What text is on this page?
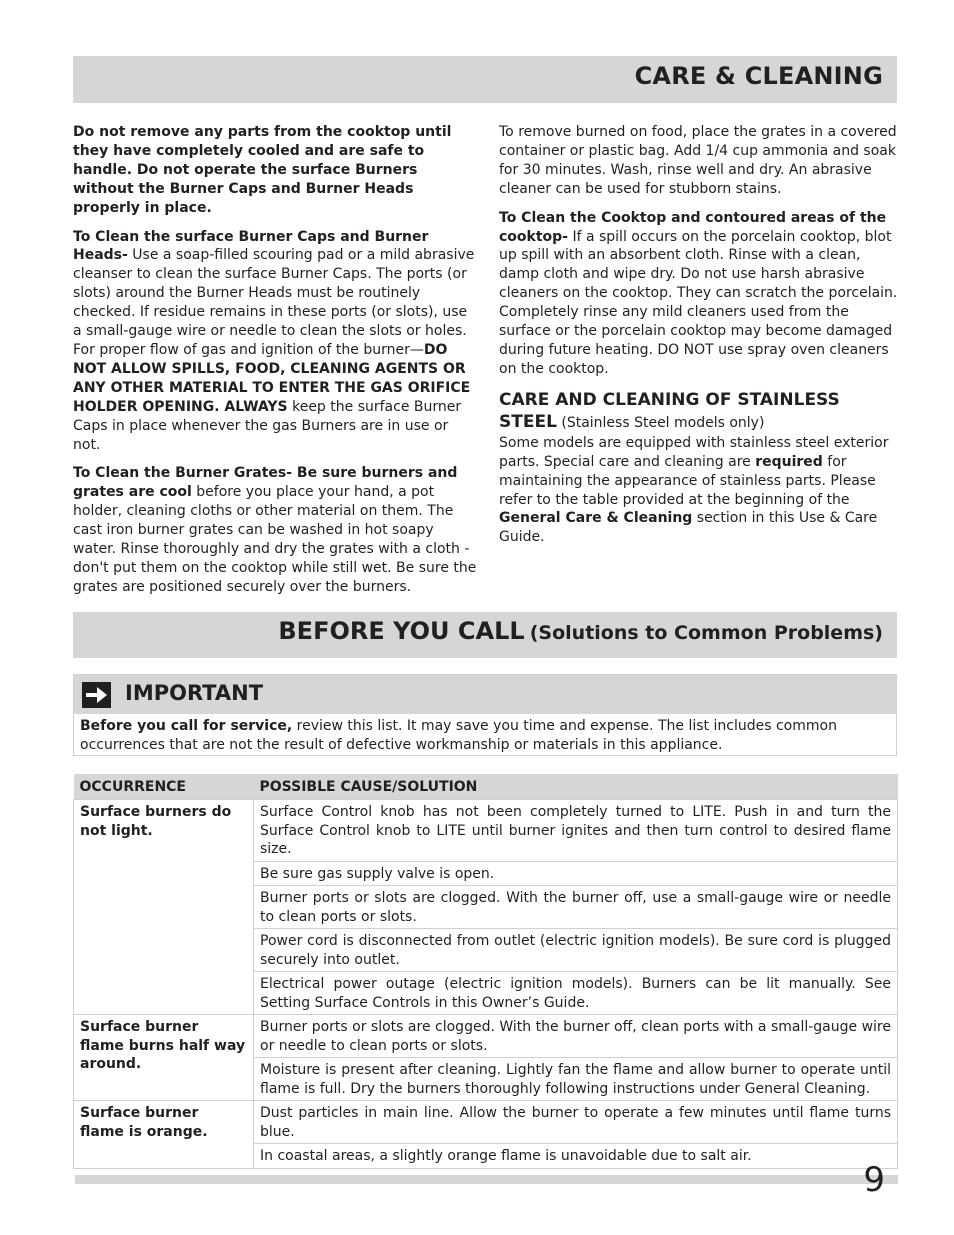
CARE & CLEANING

Do not remove any parts from the cooktop until they have completely cooled and are safe to handle. Do not operate the surface Burners without the Burner Caps and Burner Heads properly in place.

To Clean the surface Burner Caps and Burner Heads- Use a soap-filled scouring pad or a mild abrasive cleanser to clean the surface Burner Caps. The ports (or slots) around the Burner Heads must be routinely checked. If residue remains in these ports (or slots), use a small-gauge wire or needle to clean the slots or holes. For proper flow of gas and ignition of the burner—DO NOT ALLOW SPILLS, FOOD, CLEANING AGENTS OR ANY OTHER MATERIAL TO ENTER THE GAS ORIFICE HOLDER OPENING. ALWAYS keep the surface Burner Caps in place whenever the gas Burners are in use or not.

To Clean the Burner Grates- Be sure burners and grates are cool before you place your hand, a pot holder, cleaning cloths or other material on them. The cast iron burner grates can be washed in hot soapy water. Rinse thoroughly and dry the grates with a cloth - don't put them on the cooktop while still wet. Be sure the grates are positioned securely over the burners.

To remove burned on food, place the grates in a covered container or plastic bag. Add 1/4 cup ammonia and soak for 30 minutes. Wash, rinse well and dry. An abrasive cleaner can be used for stubborn stains.

To Clean the Cooktop and contoured areas of the cooktop- If a spill occurs on the porcelain cooktop, blot up spill with an absorbent cloth. Rinse with a clean, damp cloth and wipe dry. Do not use harsh abrasive cleaners on the cooktop. They can scratch the porcelain. Completely rinse any mild cleaners used from the surface or the porcelain cooktop may become damaged during future heating. DO NOT use spray oven cleaners on the cooktop.

CARE AND CLEANING OF STAINLESS STEEL (Stainless Steel models only)

Some models are equipped with stainless steel exterior parts. Special care and cleaning are required for maintaining the appearance of stainless parts. Please refer to the table provided at the beginning of the General Care & Cleaning section in this Use & Care Guide.

BEFORE YOU CALL (Solutions to Common Problems)
IMPORTANT
Before you call for service, review this list. It may save you time and expense. The list includes common occurrences that are not the result of defective workmanship or materials in this appliance.
OCCURRENCE	POSSIBLE CAUSE/SOLUTION
Surface burners do not light.	Surface Control knob has not been completely turned to LITE. Push in and turn the Surface Control knob to LITE until burner ignites and then turn control to desired flame size.
	Be sure gas supply valve is open.
	Burner ports or slots are clogged. With the burner off, use a small-gauge wire or needle to clean ports or slots.
	Power cord is disconnected from outlet (electric ignition models). Be sure cord is plugged securely into outlet.
	Electrical power outage (electric ignition models). Burners can be lit manually. See Setting Surface Controls in this Owner’s Guide.
Surface burner flame burns half way around.	Burner ports or slots are clogged. With the burner off, clean ports with a small-gauge wire or needle to clean ports or slots.
	Moisture is present after cleaning. Lightly fan the flame and allow burner to operate until flame is full. Dry the burners thoroughly following instructions under General Cleaning.
Surface burner flame is orange.	Dust particles in main line. Allow the burner to operate a few minutes until flame turns blue.
	In coastal areas, a slightly orange flame is unavoidable due to salt air.
9
